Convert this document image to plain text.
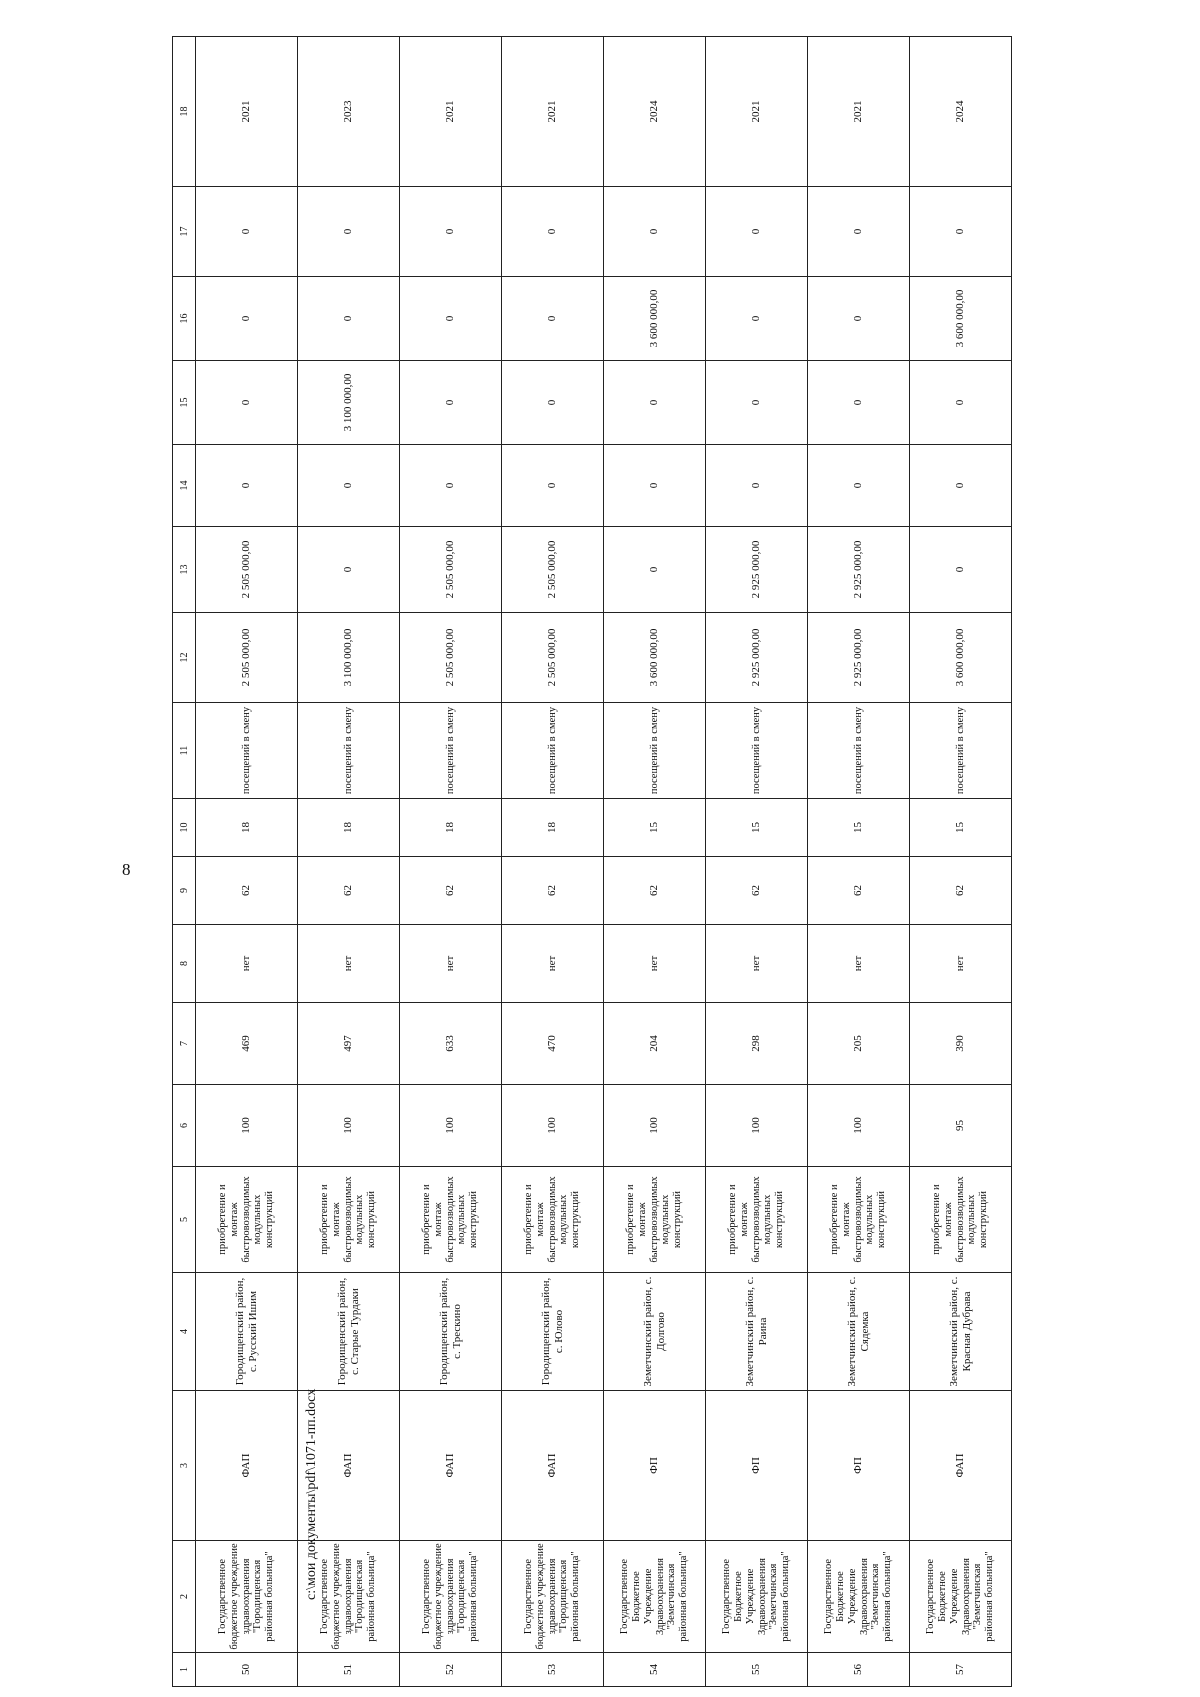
8
1	2	3	4	5	6	7	8	9	10	11	12	13	14	15	16	17	18
50	Государственное бюджетное учреждение здравоохранения "Городищенская районная больница"	ФАП	Городищенский район, с. Русский Ишим	приобретение и монтаж быстровозводимых модульных конструкций	100	469	нет	62	18	посещений в смену	2 505 000,00	2 505 000,00	0	0	0	0	2021
51	Государственное бюджетное учреждение здравоохранения "Городищенская районная больница"	ФАП	Городищенский район, с. Старые Турдаки	приобретение и монтаж быстровозводимых модульных конструкций	100	497	нет	62	18	посещений в смену	3 100 000,00	0	0	3 100 000,00	0	0	2023
52	Государственное бюджетное учреждение здравоохранения "Городищенская районная больница"	ФАП	Городищенский район, с. Трескино	приобретение и монтаж быстровозводимых модульных конструкций	100	633	нет	62	18	посещений в смену	2 505 000,00	2 505 000,00	0	0	0	0	2021
53	Государственное бюджетное учреждение здравоохранения "Городищенская районная больница"	ФАП	Городищенский район, с. Юлово	приобретение и монтаж быстровозводимых модульных конструкций	100	470	нет	62	18	посещений в смену	2 505 000,00	2 505 000,00	0	0	0	0	2021
54	Государственное Бюджетное Учреждение Здравоохранения "Земетчинская районная больница"	ФП	Земетчинский район, с. Долгово	приобретение и монтаж быстровозводимых модульных конструкций	100	204	нет	62	15	посещений в смену	3 600 000,00	0	0	0	3 600 000,00	0	2024
55	Государственное Бюджетное Учреждение Здравоохранения "Земетчинская районная больница"	ФП	Земетчинский район, с. Раина	приобретение и монтаж быстровозводимых модульных конструкций	100	298	нет	62	15	посещений в смену	2 925 000,00	2 925 000,00	0	0	0	0	2021
56	Государственное Бюджетное Учреждение Здравоохранения "Земетчинская районная больница"	ФП	Земетчинский район, с. Сядемка	приобретение и монтаж быстровозводимых модульных конструкций	100	205	нет	62	15	посещений в смену	2 925 000,00	2 925 000,00	0	0	0	0	2021
57	Государственное Бюджетное Учреждение Здравоохранения "Земетчинская районная больница"	ФАП	Земетчинский район, с. Красная Дубрава	приобретение и монтаж быстровозводимых модульных конструкций	95	390	нет	62	15	посещений в смену	3 600 000,00	0	0	0	3 600 000,00	0	2024
c:\мои документы\pdf\1071-пп.docx
